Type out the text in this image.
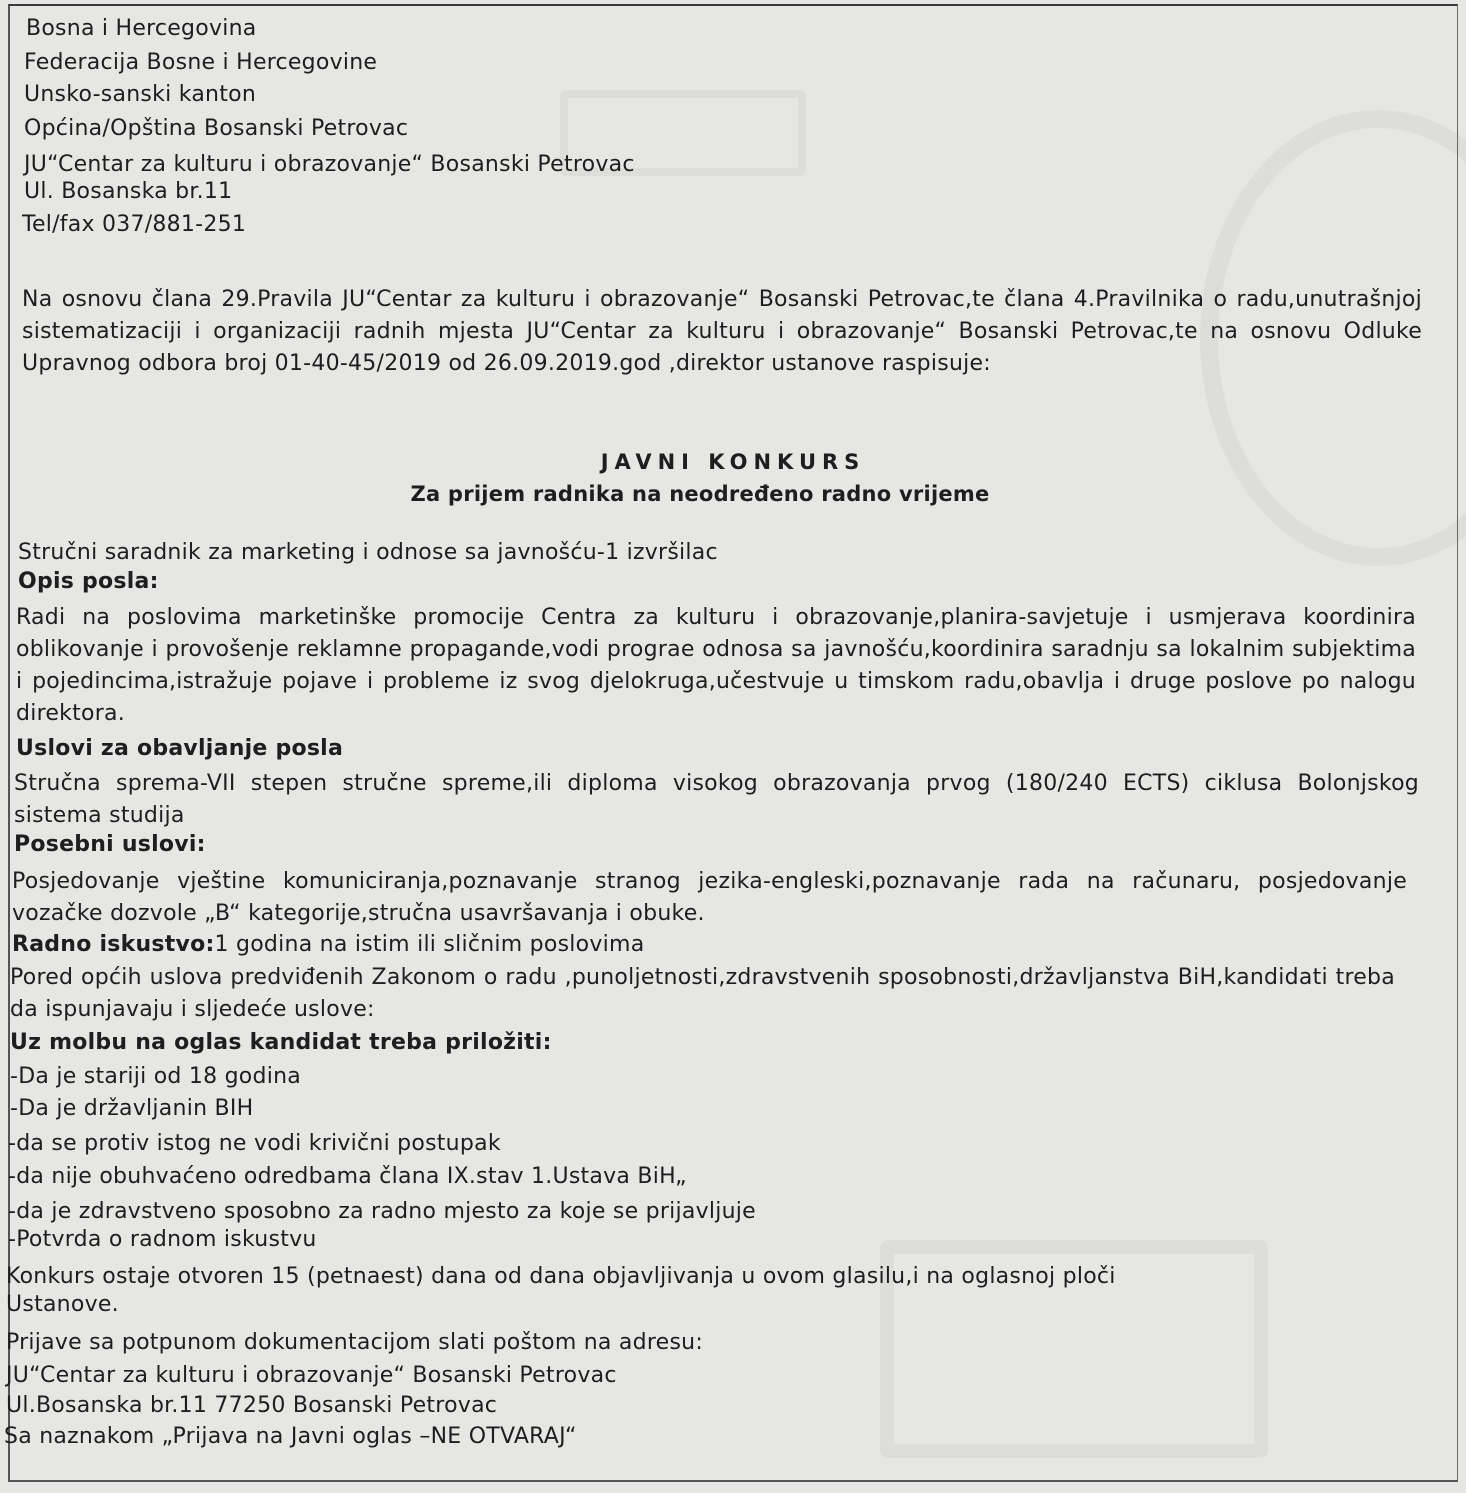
Bosna i Hercegovina
Federacija Bosne i Hercegovine
Unsko-sanski kanton
Općina/Opština Bosanski Petrovac
JU“Centar za kulturu i obrazovanje“ Bosanski Petrovac
Ul. Bosanska br.11
Tel/fax 037/881-251
Na osnovu člana 29.Pravila JU“Centar za kulturu i obrazovanje“ Bosanski Petrovac,te člana 4.Pravilnika o radu,unutrašnjoj sistematizaciji i organizaciji radnih mjesta JU“Centar za kulturu i obrazovanje“ Bosanski Petrovac,te na osnovu Odluke Upravnog odbora broj 01-40-45/2019 od 26.09.2019.god ,direktor ustanove raspisuje:
JAVNI KONKURS
Za prijem radnika na neodređeno radno vrijeme
Stručni saradnik za marketing i odnose sa javnošću-1 izvršilac
Opis posla:
Radi na poslovima marketinške promocije Centra za kulturu i obrazovanje,planira-savjetuje i usmjerava koordinira oblikovanje i provošenje reklamne propagande,vodi prograe odnosa sa javnošću,koordinira saradnju sa lokalnim subjektima i pojedincima,istražuje pojave i probleme iz svog djelokruga,učestvuje u timskom radu,obavlja i druge poslove po nalogu direktora.
Uslovi za obavljanje posla
Stručna sprema-VII stepen stručne spreme,ili diploma visokog obrazovanja prvog (180/240 ECTS) ciklusa Bolonjskog sistema studija
Posebni uslovi:
Posjedovanje vještine komuniciranja,poznavanje stranog jezika-engleski,poznavanje rada na računaru, posjedovanje vozačke dozvole „B“ kategorije,stručna usavršavanja i obuke.
Radno iskustvo:1 godina na istim ili sličnim poslovima
Pored općih uslova predviđenih Zakonom o radu ,punoljetnosti,zdravstvenih sposobnosti,državljanstva BiH,kandidati treba da ispunjavaju i sljedeće uslove:
Uz molbu na oglas kandidat treba priložiti:
-Da je stariji od 18 godina
-Da je državljanin BIH
-da se protiv istog ne vodi krivični postupak
-da nije obuhvaćeno odredbama člana IX.stav 1.Ustava BiH„
-da je zdravstveno sposobno za radno mjesto za koje se prijavljuje
-Potvrda o radnom iskustvu
Konkurs ostaje otvoren 15 (petnaest) dana od dana objavljivanja u ovom glasilu,i na oglasnoj ploči
Ustanove.
Prijave sa potpunom dokumentacijom slati poštom na adresu:
JU“Centar za kulturu i obrazovanje“ Bosanski Petrovac
Ul.Bosanska br.11 77250 Bosanski Petrovac
Sa naznakom „Prijava na Javni oglas –NE OTVARAJ“
